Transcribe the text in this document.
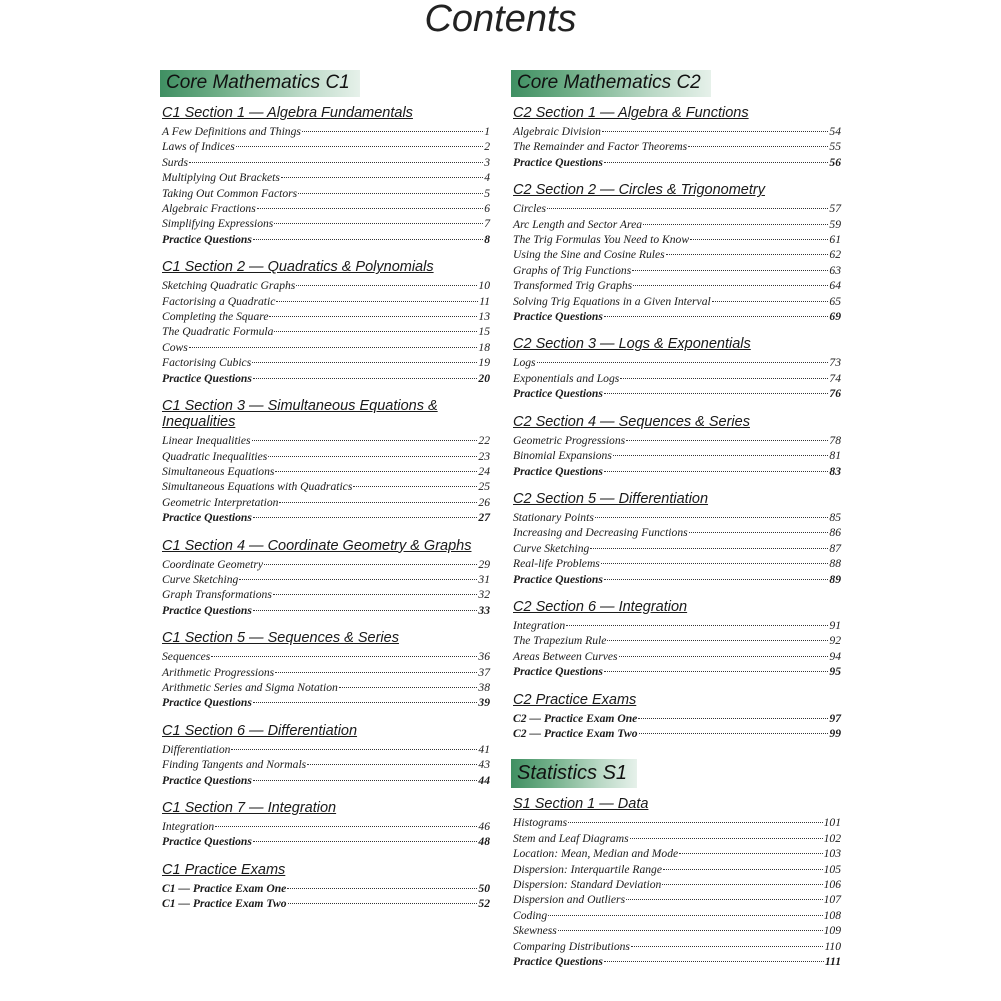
Contents
Core Mathematics C1
C1 Section 1 — Algebra Fundamentals
A Few Definitions and Things	1
Laws of Indices	2
Surds	3
Multiplying Out Brackets	4
Taking Out Common Factors	5
Algebraic Fractions	6
Simplifying Expressions	7
Practice Questions	8
C1 Section 2 — Quadratics & Polynomials
Sketching Quadratic Graphs	10
Factorising a Quadratic	11
Completing the Square	13
The Quadratic Formula	15
Cows	18
Factorising Cubics	19
Practice Questions	20
C1 Section 3 — Simultaneous Equations & Inequalities
Linear Inequalities	22
Quadratic Inequalities	23
Simultaneous Equations	24
Simultaneous Equations with Quadratics	25
Geometric Interpretation	26
Practice Questions	27
C1 Section 4 — Coordinate Geometry & Graphs
Coordinate Geometry	29
Curve Sketching	31
Graph Transformations	32
Practice Questions	33
C1 Section 5 — Sequences & Series
Sequences	36
Arithmetic Progressions	37
Arithmetic Series and Sigma Notation	38
Practice Questions	39
C1 Section 6 — Differentiation
Differentiation	41
Finding Tangents and Normals	43
Practice Questions	44
C1 Section 7 — Integration
Integration	46
Practice Questions	48
C1 Practice Exams
C1 — Practice Exam One	50
C1 — Practice Exam Two	52
Core Mathematics C2
C2 Section 1 — Algebra & Functions
Algebraic Division	54
The Remainder and Factor Theorems	55
Practice Questions	56
C2 Section 2 — Circles & Trigonometry
Circles	57
Arc Length and Sector Area	59
The Trig Formulas You Need to Know	61
Using the Sine and Cosine Rules	62
Graphs of Trig Functions	63
Transformed Trig Graphs	64
Solving Trig Equations in a Given Interval	65
Practice Questions	69
C2 Section 3 — Logs & Exponentials
Logs	73
Exponentials and Logs	74
Practice Questions	76
C2 Section 4 — Sequences & Series
Geometric Progressions	78
Binomial Expansions	81
Practice Questions	83
C2 Section 5 — Differentiation
Stationary Points	85
Increasing and Decreasing Functions	86
Curve Sketching	87
Real-life Problems	88
Practice Questions	89
C2 Section 6 — Integration
Integration	91
The Trapezium Rule	92
Areas Between Curves	94
Practice Questions	95
C2 Practice Exams
C2 — Practice Exam One	97
C2 — Practice Exam Two	99
Statistics S1
S1 Section 1 — Data
Histograms	101
Stem and Leaf Diagrams	102
Location: Mean, Median and Mode	103
Dispersion: Interquartile Range	105
Dispersion: Standard Deviation	106
Dispersion and Outliers	107
Coding	108
Skewness	109
Comparing Distributions	110
Practice Questions	111
